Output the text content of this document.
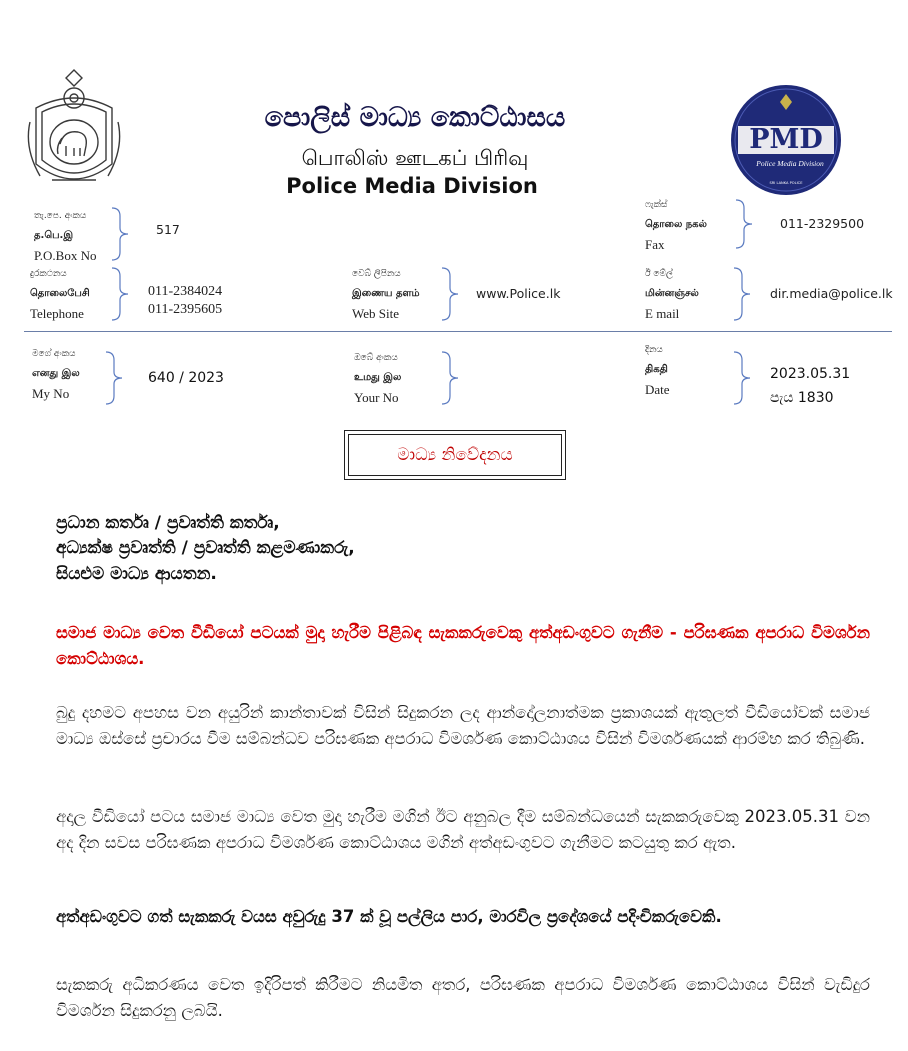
පොලිස් මාධ්‍ය කොට්ඨාසය
பொலிஸ் ஊடகப் பிரிவு
Police Media Division
PMD
Police Media Division
SRI LANKA POLICE
තැ.පෙ. අංකය
த.பெ.இ
P.O.Box No
517
ෆැක්ස්
தொலை நகல்
Fax
011-2329500
දුරකථනය
தொலைபேசி
Telephone
011-2384024
011-2395605
වෙබ් ලිපිනය
இணைய தளம்
Web Site
www.Police.lk
ඊ මේල්
மின்னஞ்சல்
E mail
dir.media@police.lk
මගේ අංකය
எனது இல
My No
640 / 2023
ඔබේ අංකය
உமது இல
Your No
දිනය
திகதி
Date
2023.05.31
පැය 1830
මාධ්‍ය නිවේදනය
ප්‍රධාන කර්තෘ / ප්‍රවෘත්ති කර්තෘ,
අධ්‍යක්ෂ ප්‍රවෘත්ති / ප්‍රවෘත්ති කළමණාකරු,
සියළුම මාධ්‍ය ආයතන.
සමාජ මාධ්‍ය වෙත වීඩියෝ පටයක් මුදා හැරීම පිළිබඳ සැකකරුවෙකු අත්අඩංගුවට ගැනීම - පරිඝණක අපරාධ විමර්ශන කොට්ඨාශය.
බුදු දහමට අපහස වන අයුරින් කාන්තාවක් විසින් සිදුකරන ලද ආන්දෝලනාත්මක ප්‍රකාශයක් ඇතුලත් වීඩියෝවක් සමාජ මාධ්‍ය ඔස්සේ ප්‍රචාරය වීම සම්බන්ධව පරිඝණක අපරාධ විමර්ශණ කොට්ඨාශය විසින් විමර්ශණයක් ආරම්භ කර තිබුණි.
අදාල වීඩියෝ පටය සමාජ මාධ්‍ය වෙත මුදා හැරීම මගින් ඊට අනුබල දීම සම්බන්ධයෙන් සැකකරුවෙකු 2023.05.31 වන අද දින සවස පරිඝණක අපරාධ විමර්ශණ කොට්ඨාශය මගින් අත්අඩංගුවට ගැනීමට කටයුතු කර ඇත.
අත්අඩංගුවට ගත් සැකකරු වයස අවුරුදු 37 ක් වූ පල්ලිය පාර, මාරවිල ප්‍රදේශයේ පදිංචිකරුවෙකි.
සැකකරු අධිකරණය වෙත ඉදිරිපත් කිරීමට නියමිත අතර, පරිඝණක අපරාධ විමර්ශණ කොට්ඨාශය විසින් වැඩිදුර විමර්ශන සිදුකරනු ලබයි.
